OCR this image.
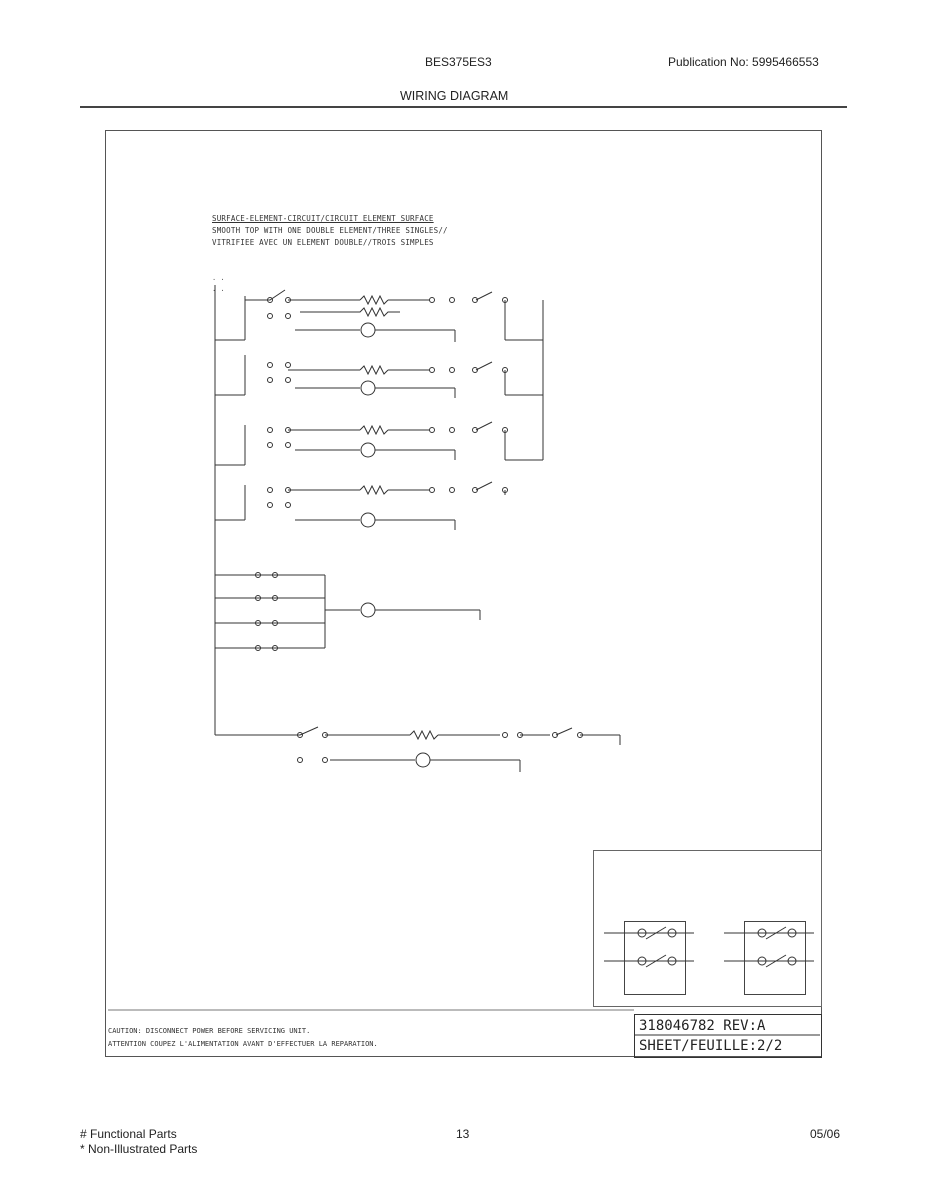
BES375ES3	Publication No: 5995466553
WIRING DIAGRAM
SURFACE-ELEMENT-CIRCUIT/CIRCUIT ELEMENT SURFACE
SMOOTH TOP WITH ONE DOUBLE ELEMENT/THREE SINGLES//
VITRIFIEE AVEC UN ELEMENT DOUBLE//TROIS SIMPLES
· ·
· ·
CAUTION: DISCONNECT POWER BEFORE SERVICING UNIT.
ATTENTION COUPEZ L'ALIMENTATION AVANT D'EFFECTUER LA REPARATION.
318046782 REV:A
SHEET/FEUILLE:2/2
# Functional Parts
* Non-Illustrated Parts
13	05/06
